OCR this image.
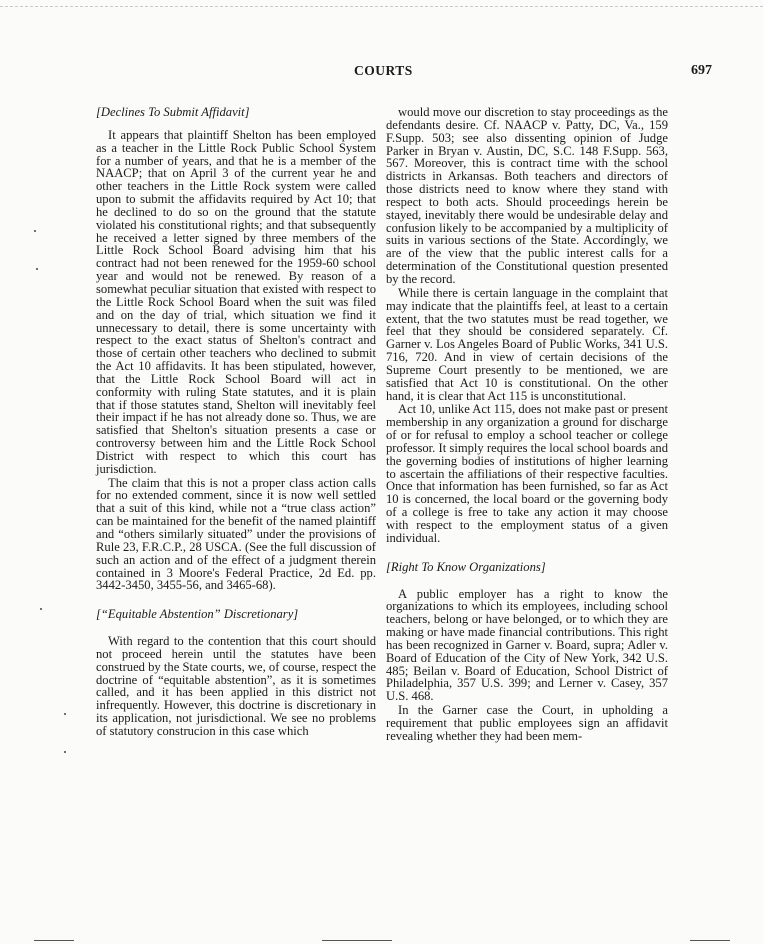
COURTS	697

[Declines To Submit Affidavit]

It appears that plaintiff Shelton has been employed as a teacher in the Little Rock Public School System for a number of years, and that he is a member of the NAACP; that on April 3 of the current year he and other teachers in the Little Rock system were called upon to submit the affidavits required by Act 10; that he declined to do so on the ground that the statute violated his constitutional rights; and that subsequently he received a letter signed by three members of the Little Rock School Board advising him that his contract had not been renewed for the 1959-60 school year and would not be renewed. By reason of a somewhat peculiar situation that existed with respect to the Little Rock School Board when the suit was filed and on the day of trial, which situation we find it unnecessary to detail, there is some uncertainty with respect to the exact status of Shelton's contract and those of certain other teachers who declined to submit the Act 10 affidavits. It has been stipulated, however, that the Little Rock School Board will act in conformity with ruling State statutes, and it is plain that if those statutes stand, Shelton will inevitably feel their impact if he has not already done so. Thus, we are satisfied that Shelton's situation presents a case or controversy between him and the Little Rock School District with respect to which this court has jurisdiction.

The claim that this is not a proper class action calls for no extended comment, since it is now well settled that a suit of this kind, while not a “true class action” can be maintained for the benefit of the named plaintiff and “others similarly situated” under the provisions of Rule 23, F.R.C.P., 28 USCA. (See the full discussion of such an action and of the effect of a judgment therein contained in 3 Moore's Federal Practice, 2d Ed. pp. 3442-3450, 3455-56, and 3465-68).

[“Equitable Abstention” Discretionary]

With regard to the contention that this court should not proceed herein until the statutes have been construed by the State courts, we, of course, respect the doctrine of “equitable abstention”, as it is sometimes called, and it has been applied in this district not infrequently. However, this doctrine is discretionary in its application, not jurisdictional. We see no problems of statutory construcion in this case which

would move our discretion to stay proceedings as the defendants desire. Cf. NAACP v. Patty, DC, Va., 159 F.Supp. 503; see also dissenting opinion of Judge Parker in Bryan v. Austin, DC, S.C. 148 F.Supp. 563, 567. Moreover, this is contract time with the school districts in Arkansas. Both teachers and directors of those districts need to know where they stand with respect to both acts. Should proceedings herein be stayed, inevitably there would be undesirable delay and confusion likely to be accompanied by a multiplicity of suits in various sections of the State. Accordingly, we are of the view that the public interest calls for a determination of the Constitutional question presented by the record.

While there is certain language in the complaint that may indicate that the plaintiffs feel, at least to a certain extent, that the two statutes must be read together, we feel that they should be considered separately. Cf. Garner v. Los Angeles Board of Public Works, 341 U.S. 716, 720. And in view of certain decisions of the Supreme Court presently to be mentioned, we are satisfied that Act 10 is constitutional. On the other hand, it is clear that Act 115 is unconstitutional.

Act 10, unlike Act 115, does not make past or present membership in any organization a ground for discharge of or for refusal to employ a school teacher or college professor. It simply requires the local school boards and the governing bodies of institutions of higher learning to ascertain the affiliations of their respective faculties. Once that information has been furnished, so far as Act 10 is concerned, the local board or the governing body of a college is free to take any action it may choose with respect to the employment status of a given individual.

[Right To Know Organizations]

A public employer has a right to know the organizations to which its employees, including school teachers, belong or have belonged, or to which they are making or have made financial contributions. This right has been recognized in Garner v. Board, supra; Adler v. Board of Education of the City of New York, 342 U.S. 485; Beilan v. Board of Education, School District of Philadelphia, 357 U.S. 399; and Lerner v. Casey, 357 U.S. 468.

In the Garner case the Court, in upholding a requirement that public employees sign an affidavit revealing whether they had been mem-
